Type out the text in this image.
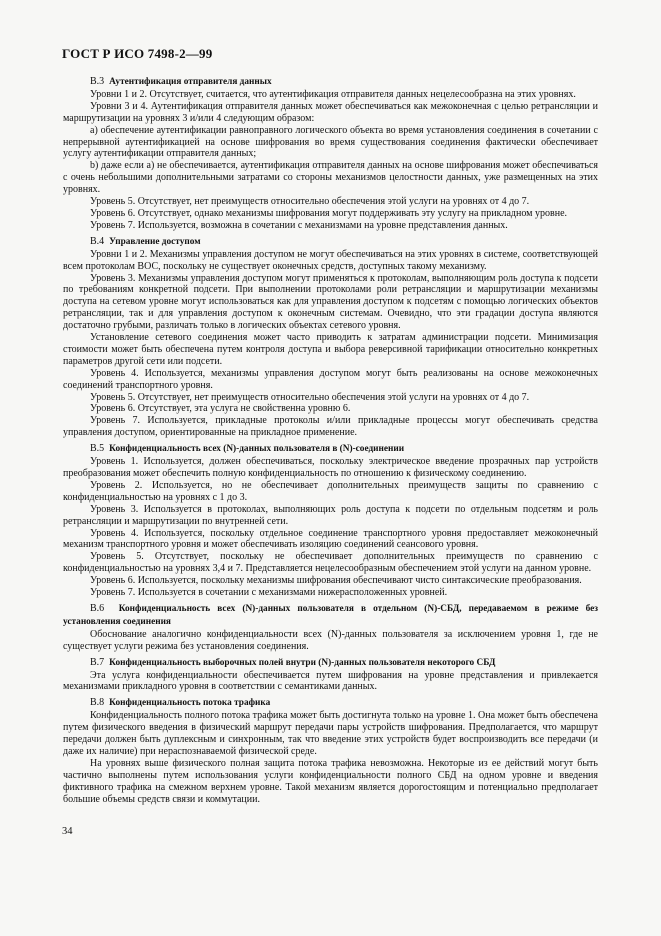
ГОСТ Р ИСО 7498-2—99

В.3 Аутентификация отправителя данных

Уровни 1 и 2. Отсутствует, считается, что аутентификация отправителя данных нецелесообразна на этих уровнях.

Уровни 3 и 4. Аутентификация отправителя данных может обеспечиваться как межоконечная с целью ретрансляции и маршрутизации на уровнях 3 и/или 4 следующим образом:

а) обеспечение аутентификации равноправного логического объекта во время установления соединения в сочетании с непрерывной аутентификацией на основе шифрования во время существования соединения фактически обеспечивает услугу аутентификации отправителя данных;

b) даже если а) не обеспечивается, аутентификация отправителя данных на основе шифрования может обеспечиваться с очень небольшими дополнительными затратами со стороны механизмов целостности данных, уже размещенных на этих уровнях.

Уровень 5. Отсутствует, нет преимуществ относительно обеспечения этой услуги на уровнях от 4 до 7.

Уровень 6. Отсутствует, однако механизмы шифрования могут поддерживать эту услугу на прикладном уровне.

Уровень 7. Используется, возможна в сочетании с механизмами на уровне представления данных.

В.4 Управление доступом

Уровни 1 и 2. Механизмы управления доступом не могут обеспечиваться на этих уровнях в системе, соответствующей всем протоколам ВОС, поскольку не существует оконечных средств, доступных такому механизму.

Уровень 3. Механизмы управления доступом могут применяться к протоколам, выполняющим роль доступа к подсети по требованиям конкретной подсети. При выполнении протоколами роли ретрансляции и маршрутизации механизмы доступа на сетевом уровне могут использоваться как для управления доступом к подсетям с помощью логических объектов ретрансляции, так и для управления доступом к оконечным системам. Очевидно, что эти градации доступа являются достаточно грубыми, различать только в логических объектах сетевого уровня.

Установление сетевого соединения может часто приводить к затратам администрации подсети. Минимизация стоимости может быть обеспечена путем контроля доступа и выбора реверсивной тарификации относительно конкретных параметров другой сети или подсети.

Уровень 4. Используется, механизмы управления доступом могут быть реализованы на основе межоконечных соединений транспортного уровня.

Уровень 5. Отсутствует, нет преимуществ относительно обеспечения этой услуги на уровнях от 4 до 7.

Уровень 6. Отсутствует, эта услуга не свойственна уровню 6.

Уровень 7. Используется, прикладные протоколы и/или прикладные процессы могут обеспечивать средства управления доступом, ориентированные на прикладное применение.

В.5 Конфиденциальность всех (N)-данных пользователя в (N)-соединении

Уровень 1. Используется, должен обеспечиваться, поскольку электрическое введение прозрачных пар устройств преобразования может обеспечить полную конфиденциальность по отношению к физическому соединению.

Уровень 2. Используется, но не обеспечивает дополнительных преимуществ защиты по сравнению с конфиденциальностью на уровнях с 1 до 3.

Уровень 3. Используется в протоколах, выполняющих роль доступа к подсети по отдельным подсетям и роль ретрансляции и маршрутизации по внутренней сети.

Уровень 4. Используется, поскольку отдельное соединение транспортного уровня предоставляет межоконечный механизм транспортного уровня и может обеспечивать изоляцию соединений сеансового уровня.

Уровень 5. Отсутствует, поскольку не обеспечивает дополнительных преимуществ по сравнению с конфиденциальностью на уровнях 3,4 и 7. Представляется нецелесообразным обеспечением этой услуги на данном уровне.

Уровень 6. Используется, поскольку механизмы шифрования обеспечивают чисто синтаксические преобразования.

Уровень 7. Используется в сочетании с механизмами нижерасположенных уровней.

В.6 Конфиденциальность всех (N)-данных пользователя в отдельном (N)-СБД, передаваемом в режиме без установления соединения

Обоснование аналогично конфиденциальности всех (N)-данных пользователя за исключением уровня 1, где не существует услуги режима без установления соединения.

В.7 Конфиденциальность выборочных полей внутри (N)-данных пользователя некоторого СБД

Эта услуга конфиденциальности обеспечивается путем шифрования на уровне представления и привлекается механизмами прикладного уровня в соответствии с семантиками данных.

В.8 Конфиденциальность потока трафика

Конфиденциальность полного потока трафика может быть достигнута только на уровне 1. Она может быть обеспечена путем физического введения в физический маршрут передачи пары устройств шифрования. Предполагается, что маршрут передачи должен быть дуплексным и синхронным, так что введение этих устройств будет воспроизводить все передачи (и даже их наличие) при нераспознаваемой физической среде.

На уровнях выше физического полная защита потока трафика невозможна. Некоторые из ее действий могут быть частично выполнены путем использования услуги конфиденциальности полного СБД на одном уровне и введения фиктивного трафика на смежном верхнем уровне. Такой механизм является дорогостоящим и потенциально предполагает большие объемы средств связи и коммутации.

34
